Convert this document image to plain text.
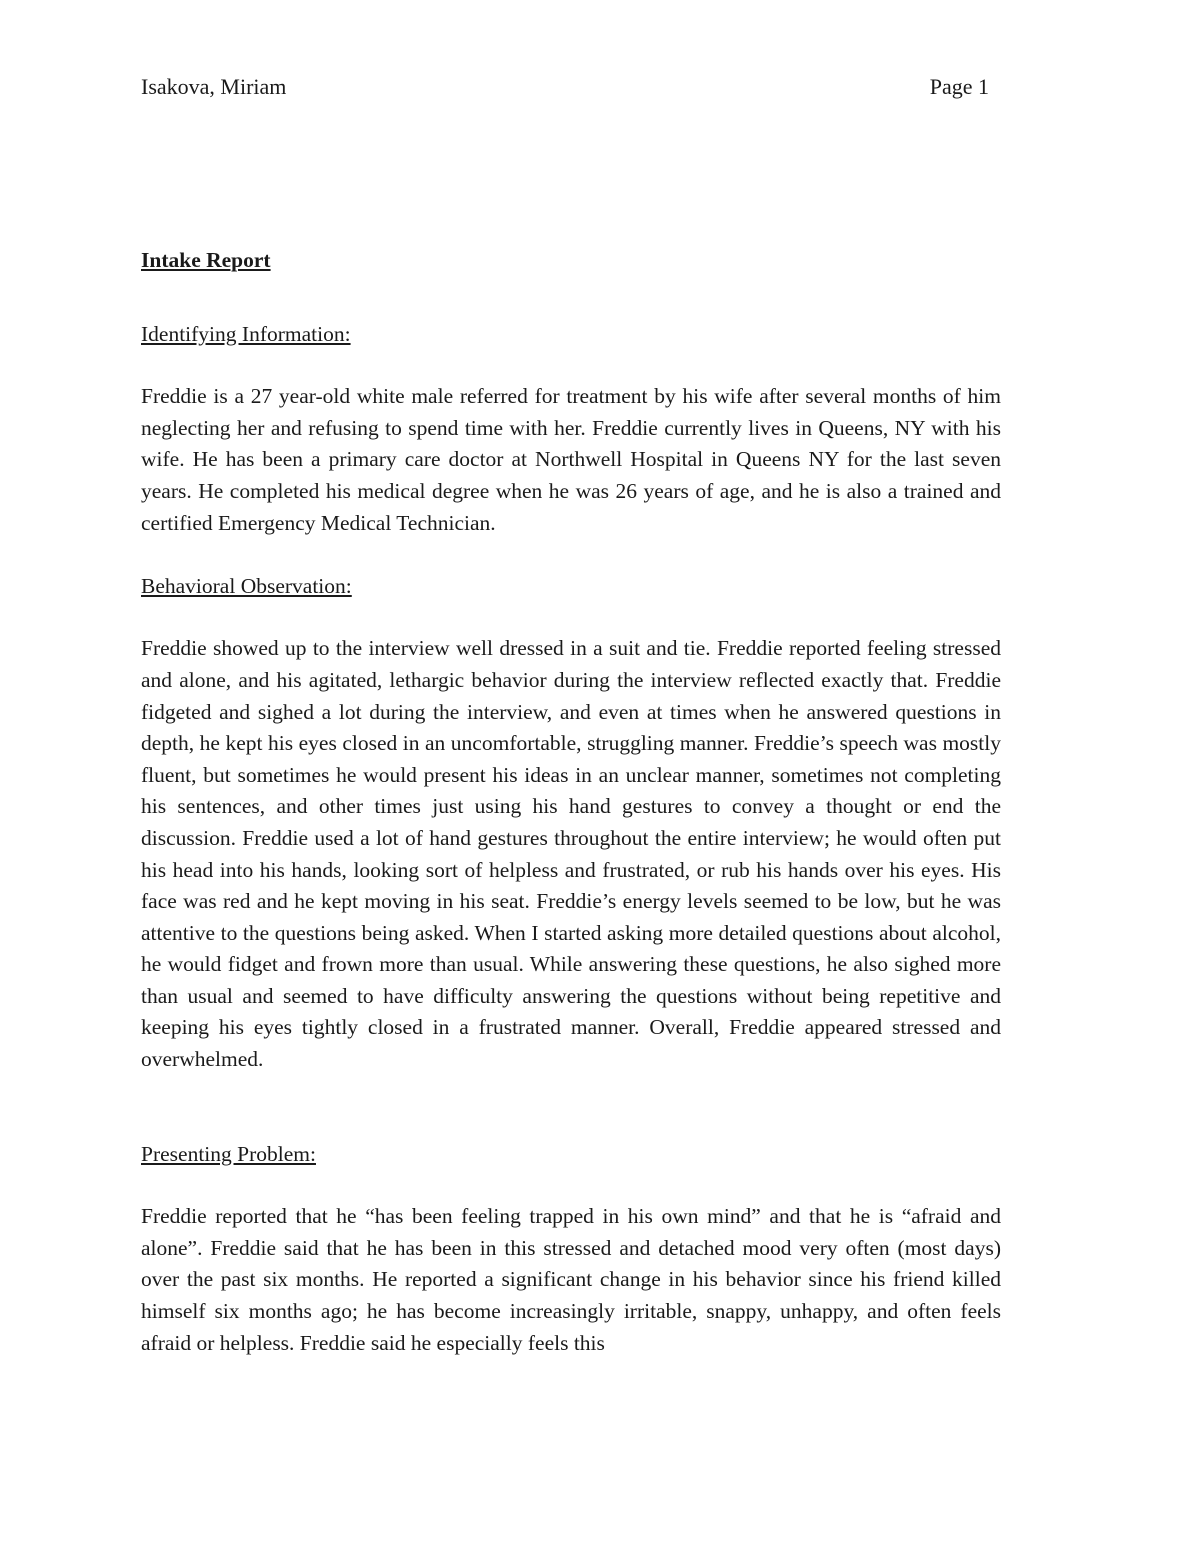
Isakova, Miriam	Page 1
Intake Report
Identifying Information:
Freddie is a 27 year-old white male referred for treatment by his wife after several months of him neglecting her and refusing to spend time with her. Freddie currently lives in Queens, NY with his wife. He has been a primary care doctor at Northwell Hospital in Queens NY for the last seven years. He completed his medical degree when he was 26 years of age, and he is also a trained and certified Emergency Medical Technician.
Behavioral Observation:
Freddie showed up to the interview well dressed in a suit and tie. Freddie reported feeling stressed and alone, and his agitated, lethargic behavior during the interview reflected exactly that. Freddie fidgeted and sighed a lot during the interview, and even at times when he answered questions in depth, he kept his eyes closed in an uncomfortable, struggling manner. Freddie’s speech was mostly fluent, but sometimes he would present his ideas in an unclear manner, sometimes not completing his sentences, and other times just using his hand gestures to convey a thought or end the discussion. Freddie used a lot of hand gestures throughout the entire interview; he would often put his head into his hands, looking sort of helpless and frustrated, or rub his hands over his eyes. His face was red and he kept moving in his seat. Freddie’s energy levels seemed to be low, but he was attentive to the questions being asked. When I started asking more detailed questions about alcohol, he would fidget and frown more than usual. While answering these questions, he also sighed more than usual and seemed to have difficulty answering the questions without being repetitive and keeping his eyes tightly closed in a frustrated manner. Overall, Freddie appeared stressed and overwhelmed.
Presenting Problem:
Freddie reported that he “has been feeling trapped in his own mind” and that he is “afraid and alone”. Freddie said that he has been in this stressed and detached mood very often (most days) over the past six months. He reported a significant change in his behavior since his friend killed himself six months ago; he has become increasingly irritable, snappy, unhappy, and often feels afraid or helpless. Freddie said he especially feels this
